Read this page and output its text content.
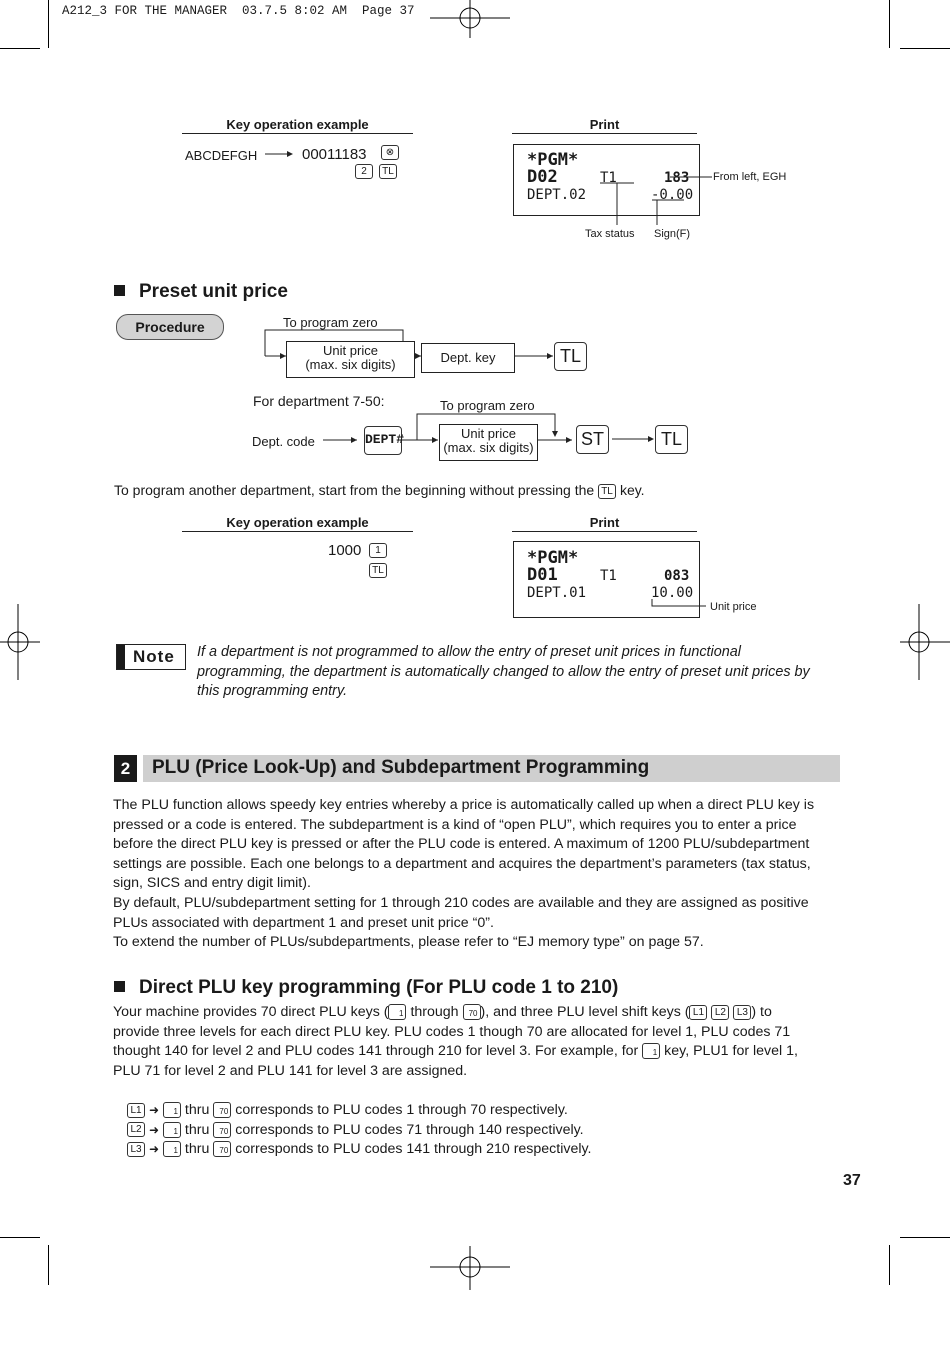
A212_3 FOR THE MANAGER  03.7.5 8:02 AM  Page 37
Key operation example	Print
ABCDEFGH	00011183	⊗
2	TL
*PGM*
D02	T1	183
DEPT.02	-0.00
From left, EGH
Tax status Sign(F)
Preset unit price
Procedure	To program zero
Unit price
(max. six digits)	Dept. key	TL
For department 7-50:	To program zero
Dept. code	DEPT#	Unit price
(max. six digits)	ST	TL
To program another department, start from the beginning without pressing the TL key.
Key operation example	Print
1000	1
TL
*PGM*
D01	T1	083
DEPT.01	10.00
Unit price
Note If a department is not programmed to allow the entry of preset unit prices in functional
programming, the department is automatically changed to allow the entry of preset unit prices by
this programming entry.
2	PLU (Price Look-Up) and Subdepartment Programming
The PLU function allows speedy key entries whereby a price is automatically called up when a direct PLU key is
pressed or a code is entered. The subdepartment is a kind of “open PLU”, which requires you to enter a price
before the direct PLU key is pressed or after the PLU code is entered. A maximum of 1200 PLU/subdepartment
settings are possible. Each one belongs to a department and acquires the department’s parameters (tax status,
sign, SICS and entry digit limit).
By default, PLU/subdepartment setting for 1 through 210 codes are available and they are assigned as positive
PLUs associated with department 1 and preset unit price “0”.
To extend the number of PLUs/subdepartments, please refer to “EJ memory type” on page 57.
Direct PLU key programming (For PLU code 1 to 210)
Your machine provides 70 direct PLU keys ( 1 through 70 ), and three PLU level shift keys ( L1 L2 L3 ) to
provide three levels for each direct PLU key. PLU codes 1 though 70 are allocated for level 1, PLU codes 71
thought 140 for level 2 and PLU codes 141 through 210 for level 3. For example, for 1 key, PLU1 for level 1,
PLU 71 for level 2 and PLU 141 for level 3 are assigned.
L1 ➜ 1 thru 70 corresponds to PLU codes 1 through 70 respectively.
L2 ➜ 1 thru 70 corresponds to PLU codes 71 through 140 respectively.
L3 ➜ 1 thru 70 corresponds to PLU codes 141 through 210 respectively.
37
